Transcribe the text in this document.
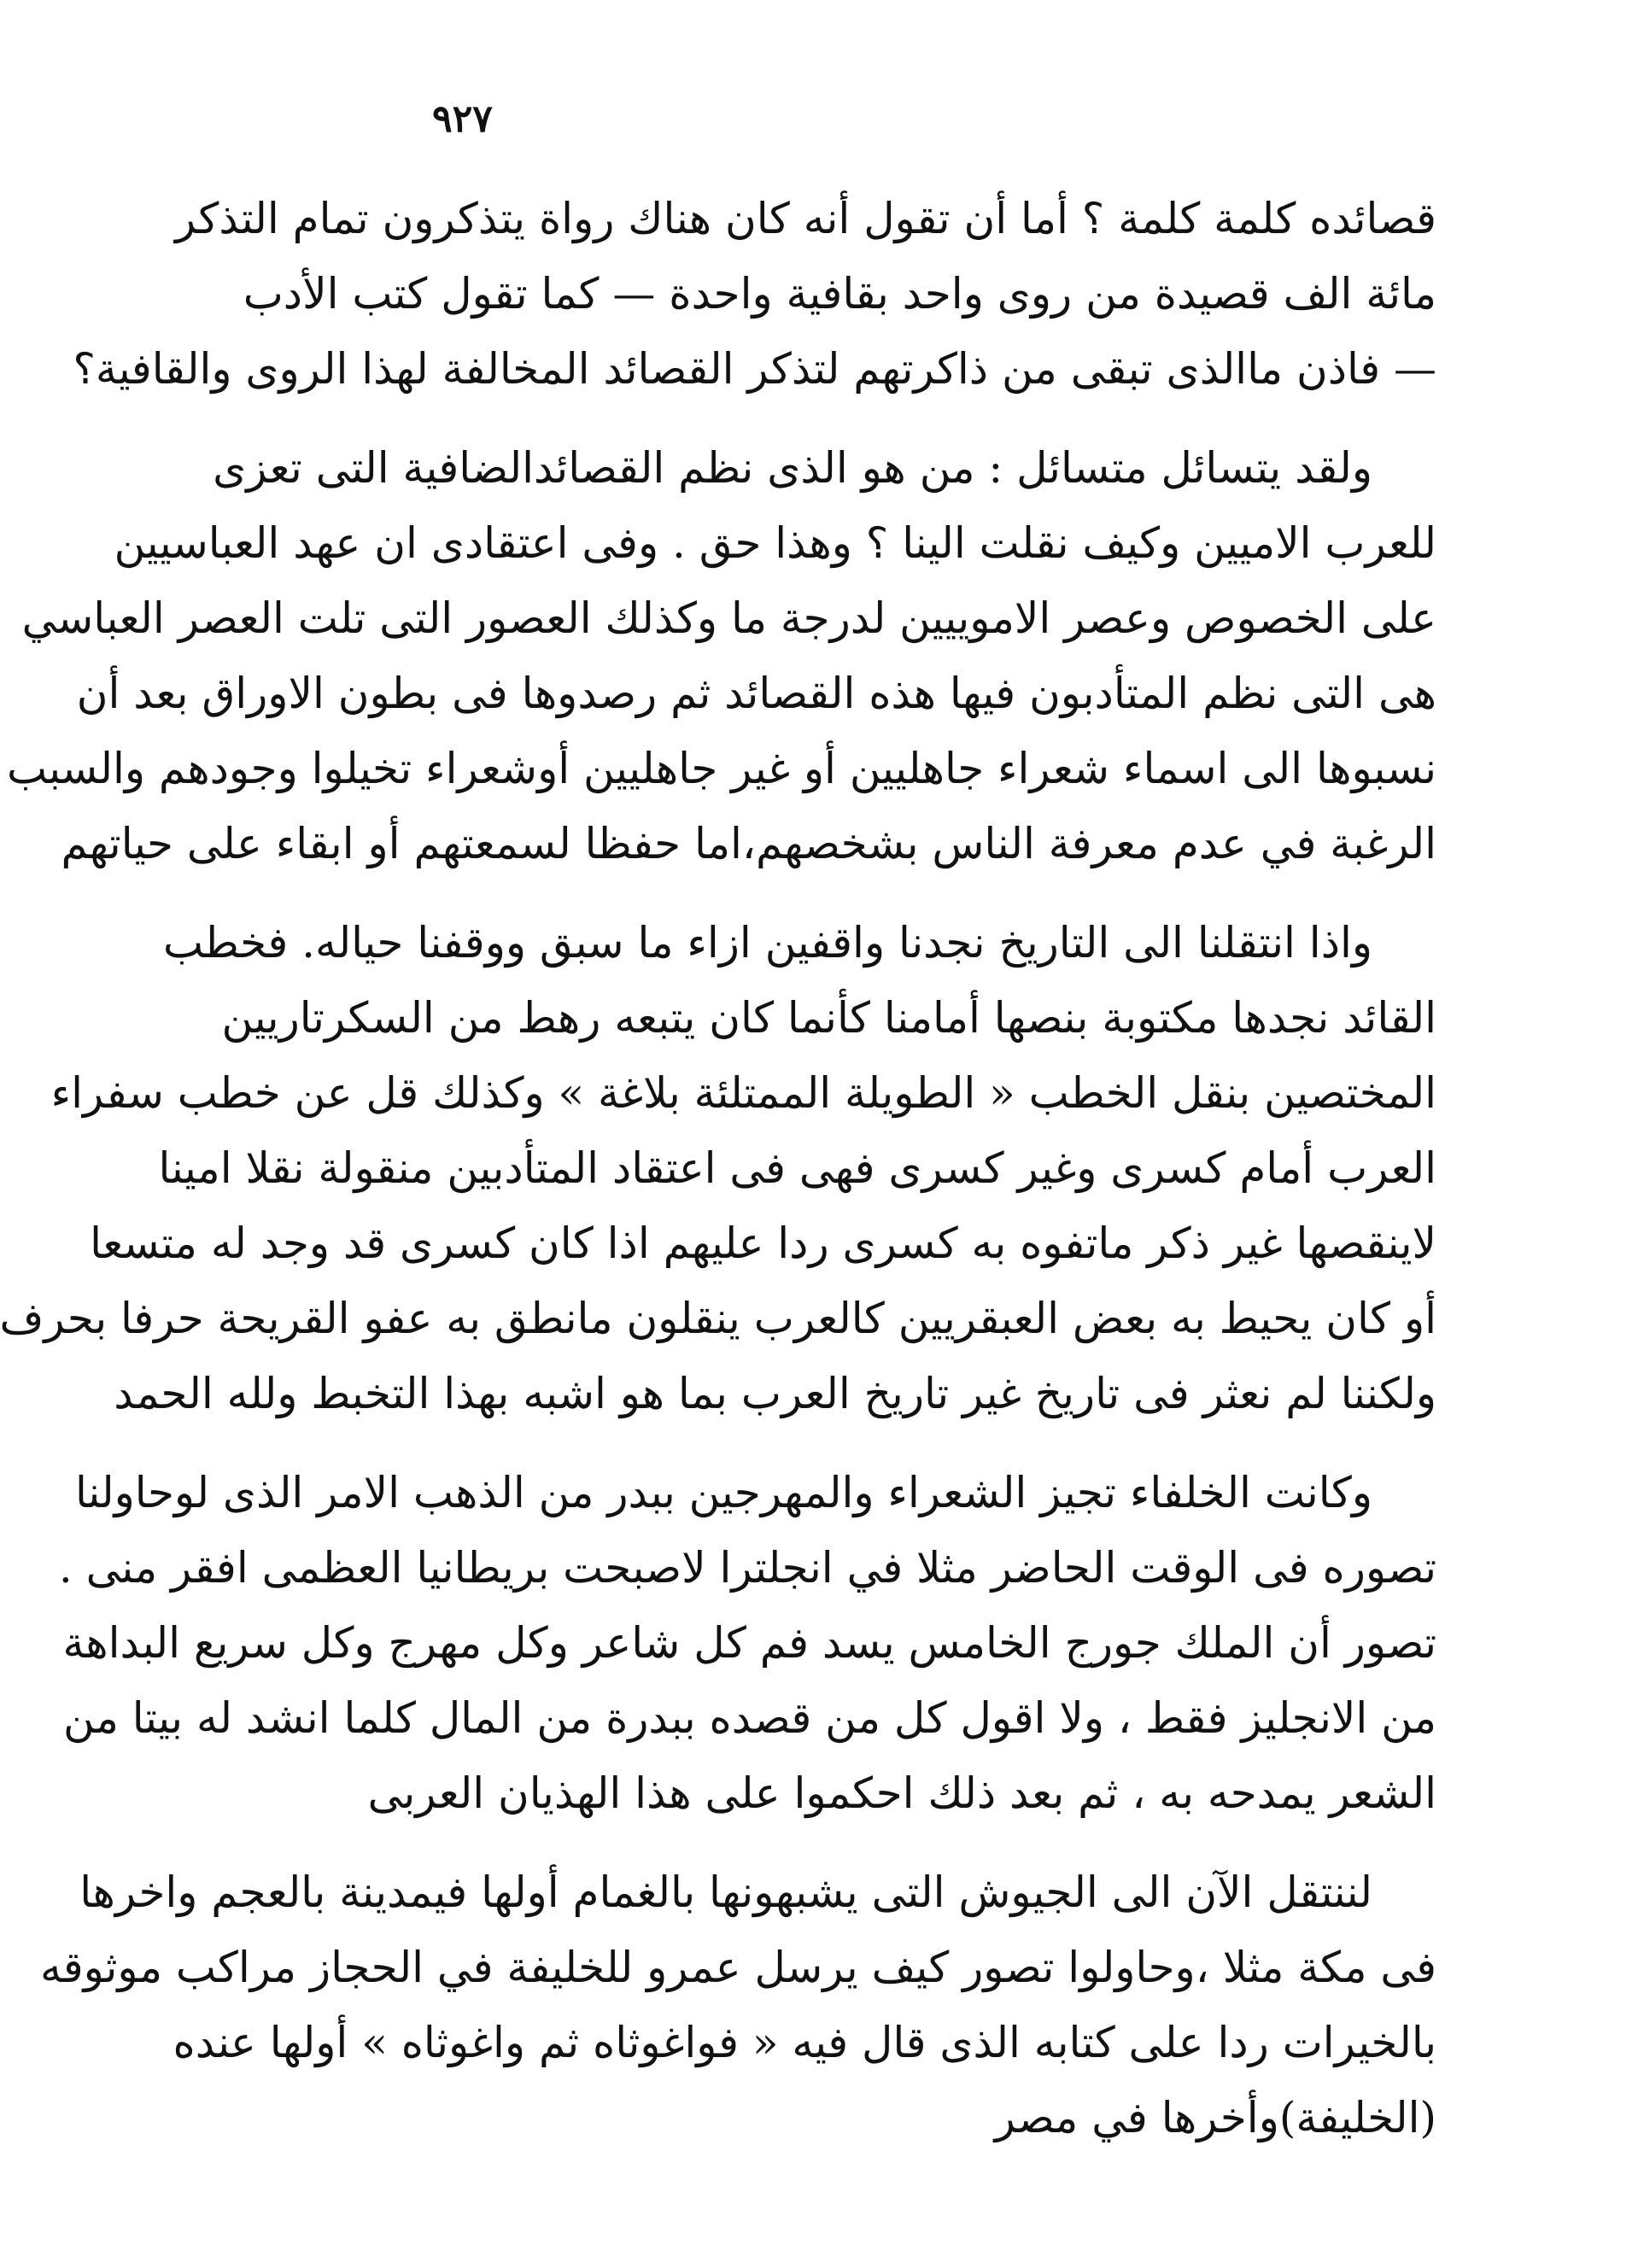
٩٢٧
قصائده كلمة كلمة ؟ أما أن تقول أنه كان هناك رواة يتذكرون تمام التذكر
مائة الف قصيدة من روى واحد بقافية واحدة — كما تقول كتب الأدب
— فاذن ماالذى تبقى من ذاكرتهم لتذكر القصائد المخالفة لهذا الروى والقافية؟
ولقد يتسائل متسائل : من هو الذى نظم القصائدالضافية التى تعزى
للعرب الاميين وكيف نقلت الينا ؟ وهذا حق . وفى اعتقادى ان عهد العباسيين
على الخصوص وعصر الاموييين لدرجة ما وكذلك العصور التى تلت العصر العباسي
هى التى نظم المتأدبون فيها هذه القصائد ثم رصدوها فى بطون الاوراق بعد أن
نسبوها الى اسماء شعراء جاهليين أو غير جاهليين أوشعراء تخيلوا وجودهم والسبب
الرغبة في عدم معرفة الناس بشخصهم،اما حفظا لسمعتهم أو ابقاء على حياتهم
واذا انتقلنا الى التاريخ نجدنا واقفين ازاء ما سبق ووقفنا حياله. فخطب
القائد نجدها مكتوبة بنصها أمامنا كأنما كان يتبعه رهط من السكرتاريين
المختصين بنقل الخطب « الطويلة الممتلئة بلاغة » وكذلك قل عن خطب سفراء
العرب أمام كسرى وغير كسرى فهى فى اعتقاد المتأدبين منقولة نقلا امينا
لاينقصها غير ذكر ماتفوه به كسرى ردا عليهم اذا كان كسرى قد وجد له متسعا
أو كان يحيط به بعض العبقريين كالعرب ينقلون مانطق به عفو القريحة حرفا بحرف
ولكننا لم نعثر فى تاريخ غير تاريخ العرب بما هو اشبه بهذا التخبط ولله الحمد
وكانت الخلفاء تجيز الشعراء والمهرجين ببدر من الذهب الامر الذى لوحاولنا
تصوره فى الوقت الحاضر مثلا في انجلترا لاصبحت بريطانيا العظمى افقر منى .
تصور أن الملك جورج الخامس يسد فم كل شاعر وكل مهرج وكل سريع البداهة
من الانجليز فقط ، ولا اقول كل من قصده ببدرة من المال كلما انشد له بيتا من
الشعر يمدحه به ، ثم بعد ذلك احكموا على هذا الهذيان العربى
لننتقل الآن الى الجيوش التى يشبهونها بالغمام أولها فيمدينة بالعجم واخرها
فى مكة مثلا ،وحاولوا تصور كيف يرسل عمرو للخليفة في الحجاز مراكب موثوقه
بالخيرات ردا على كتابه الذى قال فيه « فواغوثاه ثم واغوثاه » أولها عنده
(الخليفة)وأخرها في مصر
